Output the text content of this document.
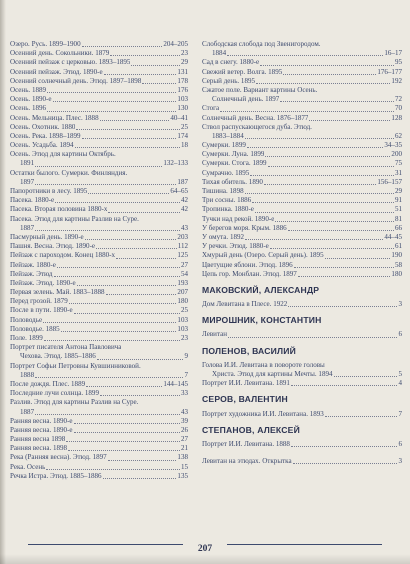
Озеро. Русь. 1899–1900	204–205
Осенний день. Сокольники. 1879	23
Осенний пейзаж с церковью. 1893–1895	29
Осенний пейзаж. Этюд. 1890-е	131
Осенний солнечный день. Этюд. 1897–1898	178
Осень. 1889	176
Осень. 1890-е	103
Осень. 1896	130
Осень. Мельница. Плес. 1888	40–41
Осень. Охотник. 1880	25
Осень. Река. 1898–1899	174
Осень. Усадьба. 1894	18
Осень. Этюд для картины Октябрь.
1891	132–133
Остатки былого. Сумерки. Финляндия.
1897	187
Папоротники в лесу. 1895	64–65
Пасека. 1880-е	42
Пасека. Вторая половина 1880-х	42
Пасека. Этюд для картины Разлив на Суре.
1887	43
Пасмурный день. 1890-е	203
Пашня. Весна. Этюд. 1890-е	112
Пейзаж с пароходом. Конец 1880-х	125
Пейзаж. 1880-е	27
Пейзаж. Этюд	54
Пейзаж. Этюд. 1890-е	193
Первая зелень. Май. 1883–1888	207
Перед грозой. 1879	180
После в пути. 1890-е	25
Половодье	103
Половодье. 1885	103
Поле. 1899	23
Портрет писателя Антона Павловича
Чехова. Этюд. 1885–1886	9
Портрет Софьи Петровны Кувшинниковой.
1888	7
После дождя. Плес. 1889	144–145
Последние лучи солнца. 1899	33
Разлив. Этюд для картины Разлив на Суре.
1887	43
Ранняя весна. 1890-е	39
Ранняя весна. 1890-е	26
Ранняя весна 1898	27
Ранняя весна. 1898	21
Река (Ранняя весна). Этюд. 1897	138
Река. Осень	15
Речка Истра. Этюд. 1885–1886	135
Слободская слобода под Звенигородом.
1884	16–17
Сад в снегу. 1880-е	95
Свежий ветер. Волга. 1895	176–177
Серый день. 1895	192
Сжатое поле. Вариант картины Осень.
Солнечный день. 1897	72
Стога	70
Солнечный день. Весна. 1876–1877	128
Ствол распускающегося дуба. Этюд.
1883–1884	62
Сумерки. 1899	34–35
Сумерки. Луна. 1899	200
Сумерки. Стога. 1899	75
Сумрачно. 1895	31
Тихая обитель. 1890	156–157
Тишина. 1898	29
Три сосны. 1886	91
Тропинка. 1880-е	51
Тучки над рекой. 1890-е	81
У берегов моря. Крым. 1886	66
У омута. 1892	44–45
У речки. Этюд. 1880-е	61
Хмурый день (Озеро. Серый день). 1895	190
Цветущие яблони. Этюд. 1896	58
Цепь гор. Монблан. Этюд. 1897	180
МАКОВСКИЙ, АЛЕКСАНДР
Дом Левитана в Плесе. 1922	3
МИРОШНИК, КОНСТАНТИН
Левитан	6
ПОЛЕНОВ, ВАСИЛИЙ
Голова И.И. Левитана в повороте головы
Христа. Этюд для картины Мечты. 1894	5
Портрет И.И. Левитана. 1891	4
СЕРОВ, ВАЛЕНТИН
Портрет художника И.И. Левитана. 1893	7
СТЕПАНОВ, АЛЕКСЕЙ
Портрет И.И. Левитана. 1888	6
Левитан на этюдах. Открытка	3
207
